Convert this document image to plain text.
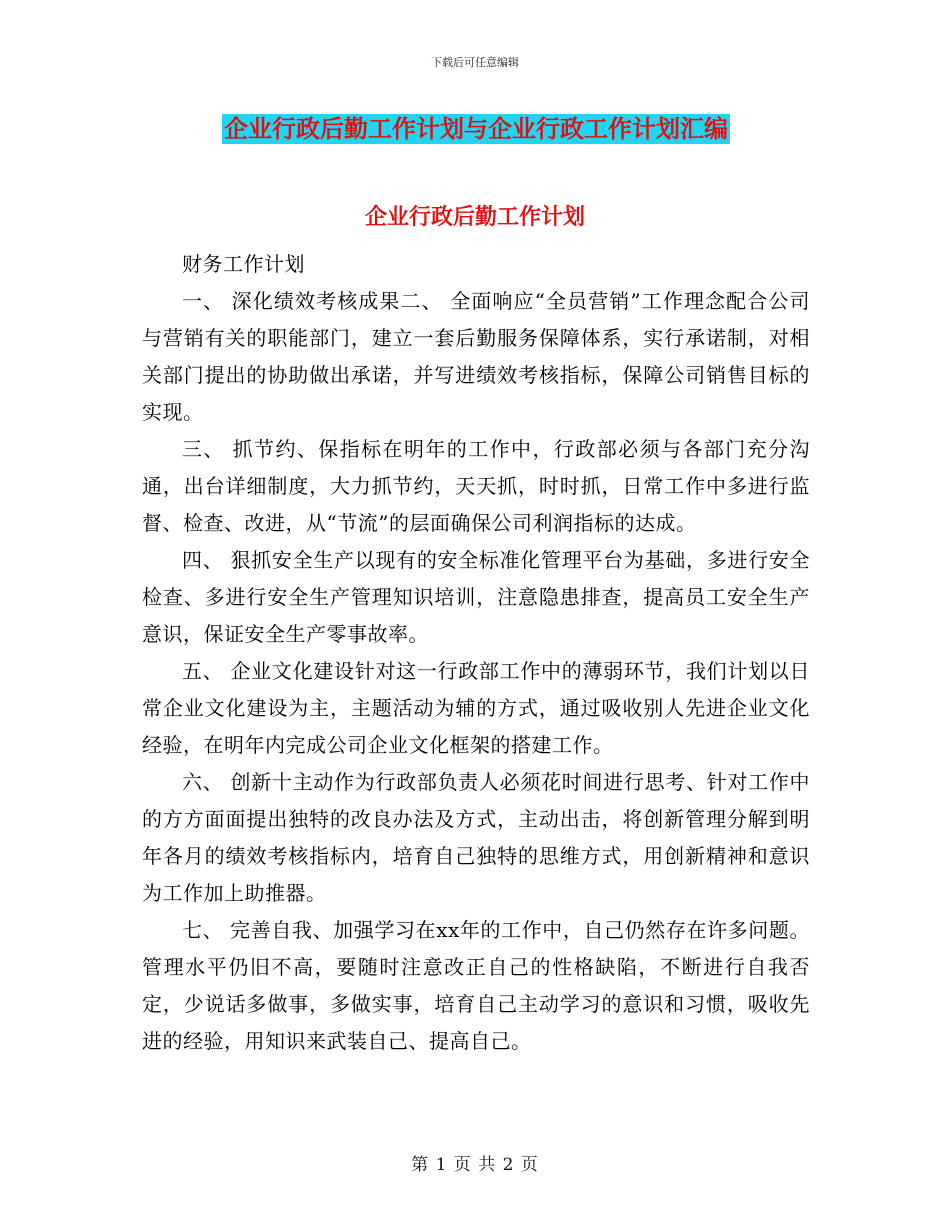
下载后可任意编辑
企业行政后勤工作计划与企业行政工作计划汇编
企业行政后勤工作计划

财务工作计划

一、 深化绩效考核成果二、 全面响应“全员营销”工作理念配合公司与营销有关的职能部门，建立一套后勤服务保障体系，实行承诺制，对相关部门提出的协助做出承诺，并写进绩效考核指标，保障公司销售目标的实现。

三、 抓节约、保指标在明年的工作中，行政部必须与各部门充分沟通，出台详细制度，大力抓节约，天天抓，时时抓，日常工作中多进行监督、检查、改进，从“节流”的层面确保公司利润指标的达成。

四、 狠抓安全生产以现有的安全标准化管理平台为基础，多进行安全检查、多进行安全生产管理知识培训，注意隐患排查，提高员工安全生产意识，保证安全生产零事故率。

五、 企业文化建设针对这一行政部工作中的薄弱环节，我们计划以日常企业文化建设为主，主题活动为辅的方式，通过吸收别人先进企业文化经验，在明年内完成公司企业文化框架的搭建工作。

六、 创新十主动作为行政部负责人必须花时间进行思考、针对工作中的方方面面提出独特的改良办法及方式，主动出击，将创新管理分解到明年各月的绩效考核指标内，培育自己独特的思维方式，用创新精神和意识为工作加上助推器。

七、 完善自我、加强学习在xx年的工作中，自己仍然存在许多问题。管理水平仍旧不高，要随时注意改正自己的性格缺陷，不断进行自我否定，少说话多做事，多做实事，培育自己主动学习的意识和习惯，吸收先进的经验，用知识来武装自己、提高自己。

第 1 页 共 2 页
